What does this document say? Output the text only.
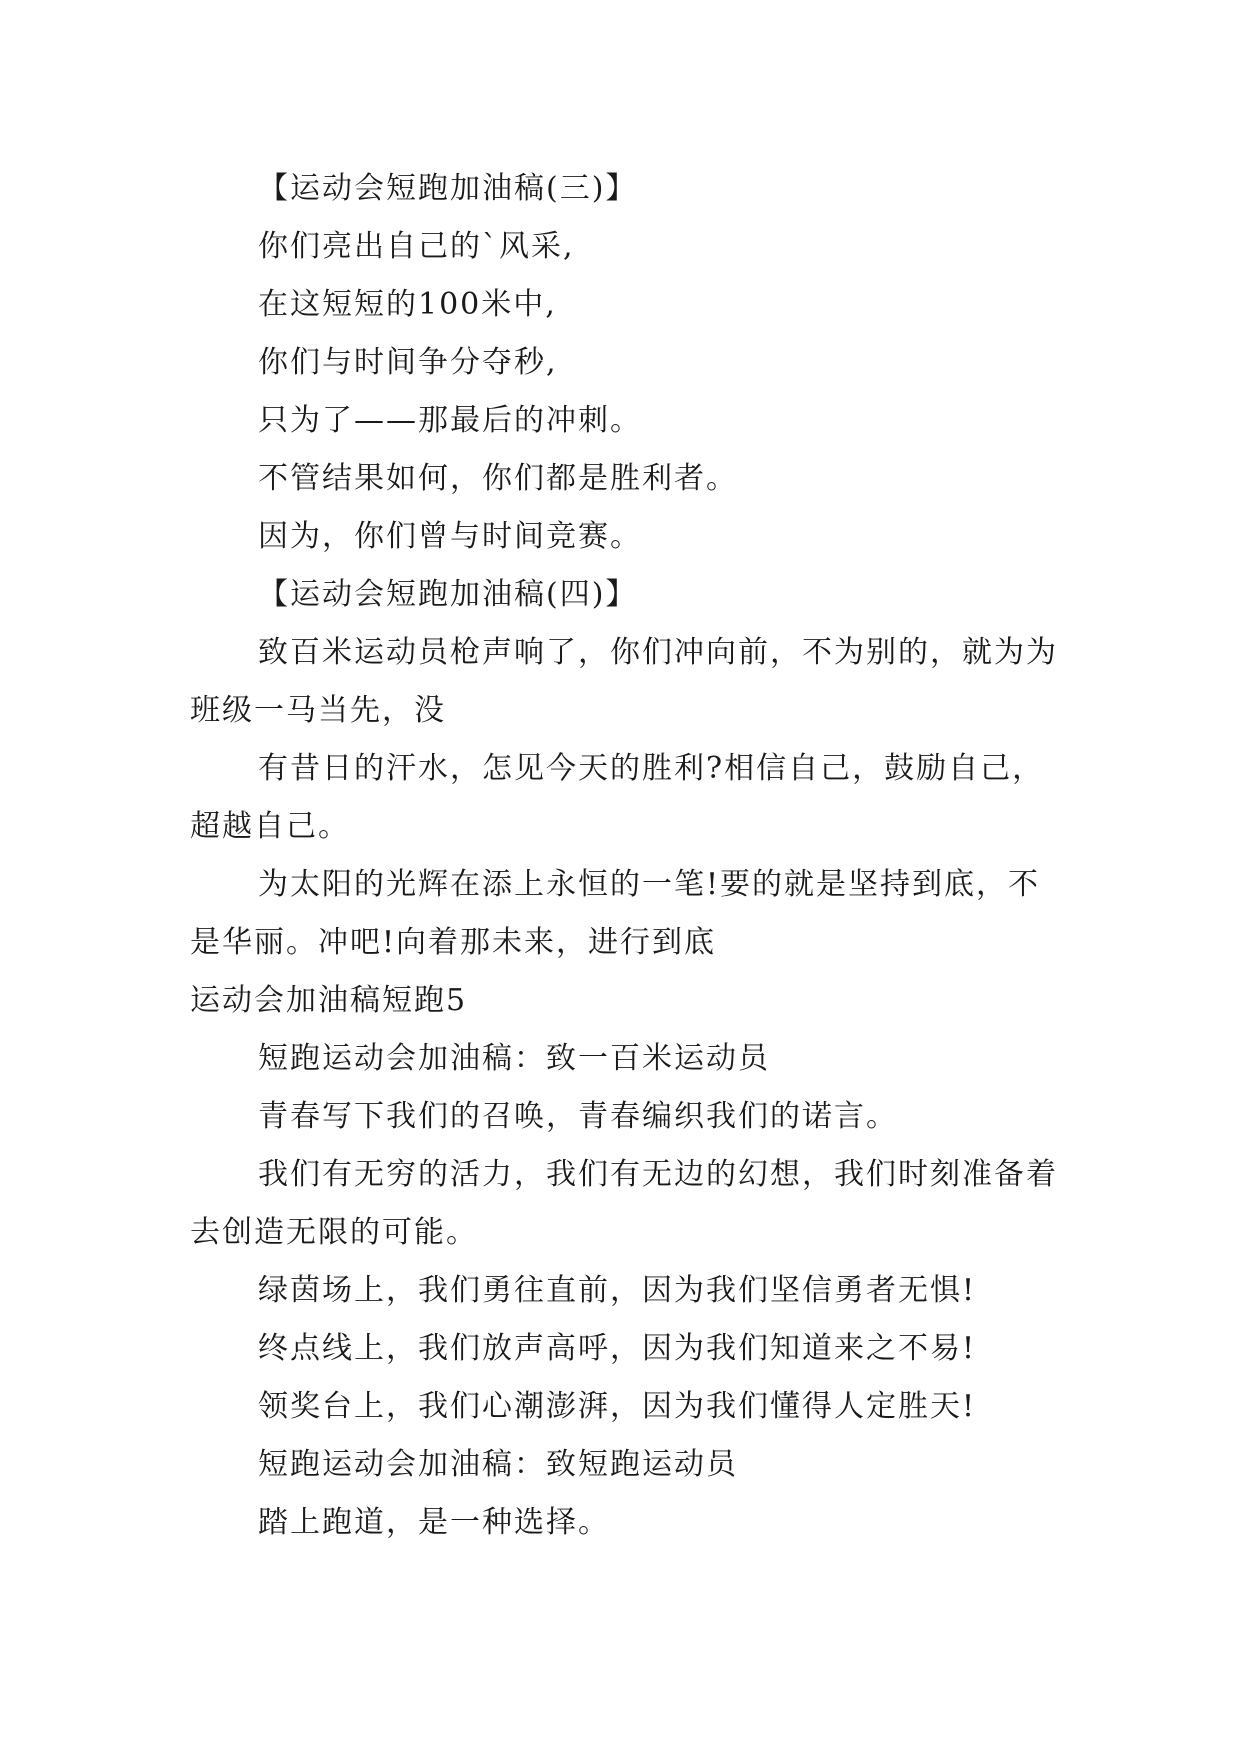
【运动会短跑加油稿(三)】

你们亮出自己的`风采,

在这短短的100米中,

你们与时间争分夺秒,

只为了——那最后的冲刺。

不管结果如何，你们都是胜利者。

因为，你们曾与时间竞赛。

【运动会短跑加油稿(四)】

致百米运动员枪声响了，你们冲向前，不为别的，就为为班级一马当先，没

有昔日的汗水，怎见今天的胜利?相信自己，鼓励自己，超越自己。

为太阳的光辉在添上永恒的一笔!要的就是坚持到底，不是华丽。冲吧!向着那未来，进行到底

运动会加油稿短跑5

短跑运动会加油稿：致一百米运动员

青春写下我们的召唤，青春编织我们的诺言。

我们有无穷的活力，我们有无边的幻想，我们时刻准备着去创造无限的可能。

绿茵场上，我们勇往直前，因为我们坚信勇者无惧!

终点线上，我们放声高呼，因为我们知道来之不易!

领奖台上，我们心潮澎湃，因为我们懂得人定胜天!

短跑运动会加油稿：致短跑运动员

踏上跑道，是一种选择。
